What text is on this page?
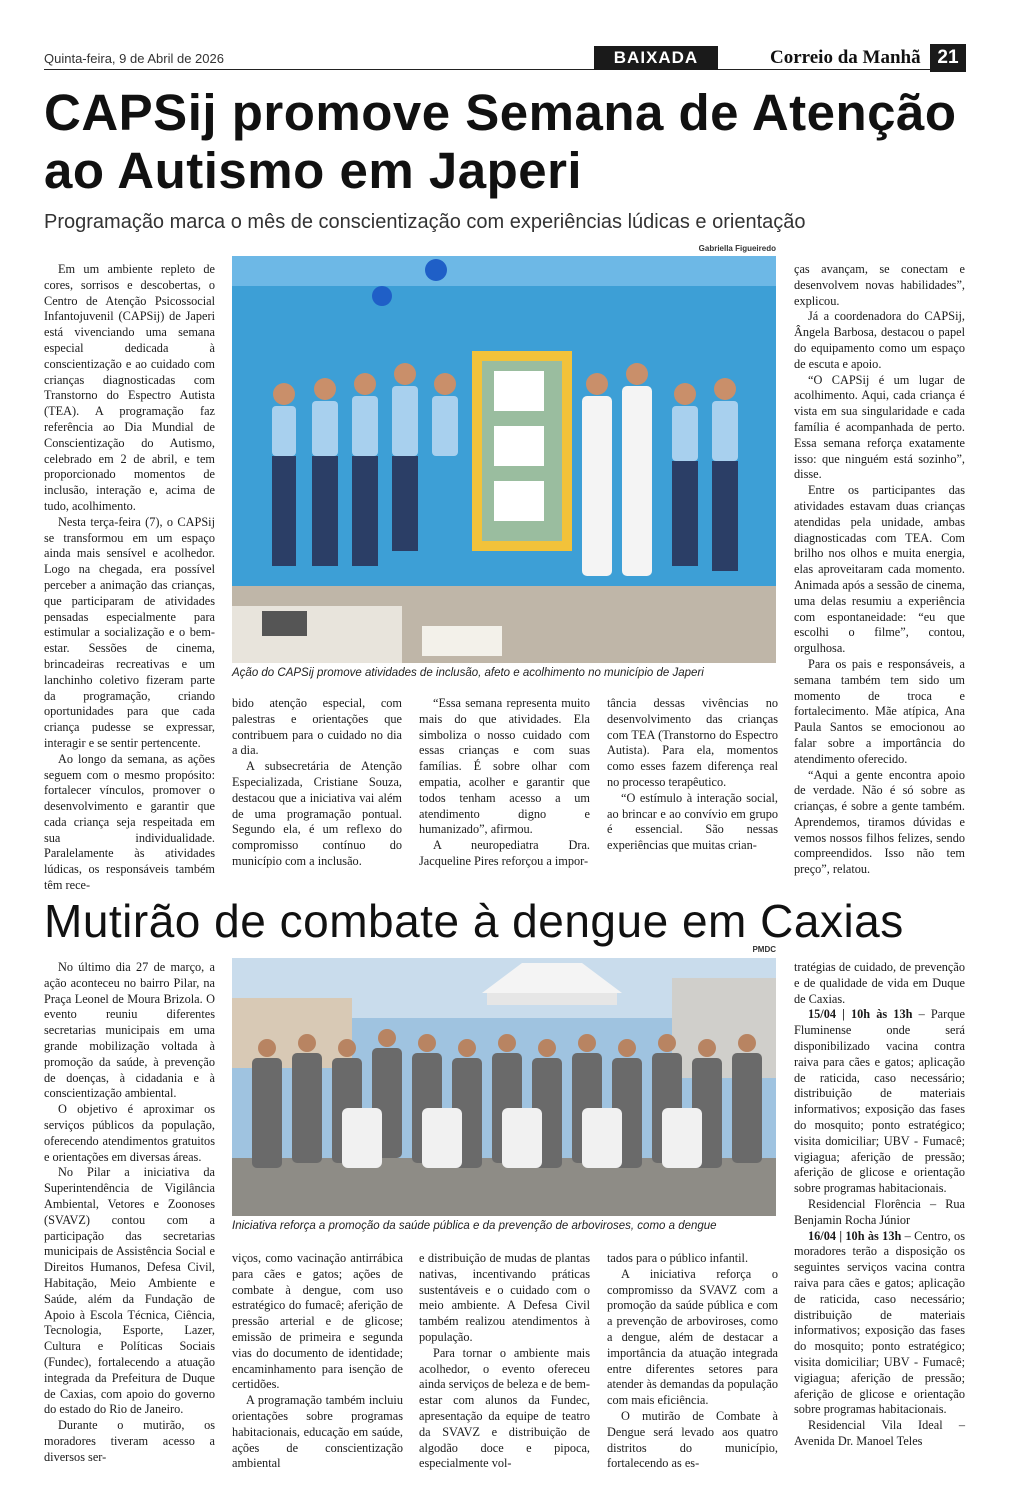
Quinta-feira, 9 de Abril de 2026	BAIXADA	Correio da Manhã 21
CAPSij promove Semana de Atenção ao Autismo em Japeri
Programação marca o mês de conscientização com experiências lúdicas e orientação

Em um ambiente repleto de cores, sorrisos e descobertas, o Centro de Atenção Psicossocial Infantojuvenil (CAPSij) de Japeri está vivenciando uma semana especial dedicada à conscientização e ao cuidado com crianças diagnosticadas com Transtorno do Espectro Autista (TEA). A programação faz referência ao Dia Mundial de Conscientização do Autismo, celebrado em 2 de abril, e tem proporcionado momentos de inclusão, interação e, acima de tudo, acolhimento.

Nesta terça-feira (7), o CAPSij se transformou em um espaço ainda mais sensível e acolhedor. Logo na chegada, era possível perceber a animação das crianças, que participaram de atividades pensadas especialmente para estimular a socialização e o bem-estar. Sessões de cinema, brincadeiras recreativas e um lanchinho coletivo fizeram parte da programação, criando oportunidades para que cada criança pudesse se expressar, interagir e se sentir pertencente.

Ao longo da semana, as ações seguem com o mesmo propósito: fortalecer vínculos, promover o desenvolvimento e garantir que cada criança seja respeitada em sua individualidade. Paralelamente às atividades lúdicas, os responsáveis também têm rece-

Gabriella Figueiredo
Ação do CAPSij promove atividades de inclusão, afeto e acolhimento no município de Japeri

bido atenção especial, com palestras e orientações que contribuem para o cuidado no dia a dia.

A subsecretária de Atenção Especializada, Cristiane Souza, destacou que a iniciativa vai além de uma programação pontual. Segundo ela, é um reflexo do compromisso contínuo do município com a inclusão.

“Essa semana representa muito mais do que atividades. Ela simboliza o nosso cuidado com essas crianças e com suas famílias. É sobre olhar com empatia, acolher e garantir que todos tenham acesso a um atendimento digno e humanizado”, afirmou.

A neuropediatra Dra. Jacqueline Pires reforçou a impor-

tância dessas vivências no desenvolvimento das crianças com TEA (Transtorno do Espectro Autista). Para ela, momentos como esses fazem diferença real no processo terapêutico.

“O estímulo à interação social, ao brincar e ao convívio em grupo é essencial. São nessas experiências que muitas crian-

ças avançam, se conectam e desenvolvem novas habilidades”, explicou.

Já a coordenadora do CAPSij, Ângela Barbosa, destacou o papel do equipamento como um espaço de escuta e apoio.

“O CAPSij é um lugar de acolhimento. Aqui, cada criança é vista em sua singularidade e cada família é acompanhada de perto. Essa semana reforça exatamente isso: que ninguém está sozinho”, disse.

Entre os participantes das atividades estavam duas crianças atendidas pela unidade, ambas diagnosticadas com TEA. Com brilho nos olhos e muita energia, elas aproveitaram cada momento. Animada após a sessão de cinema, uma delas resumiu a experiência com espontaneidade: “eu que escolhi o filme”, contou, orgulhosa.

Para os pais e responsáveis, a semana também tem sido um momento de troca e fortalecimento. Mãe atípica, Ana Paula Santos se emocionou ao falar sobre a importância do atendimento oferecido.

“Aqui a gente encontra apoio de verdade. Não é só sobre as crianças, é sobre a gente também. Aprendemos, tiramos dúvidas e vemos nossos filhos felizes, sendo compreendidos. Isso não tem preço”, relatou.

Mutirão de combate à dengue em Caxias

No último dia 27 de março, a ação aconteceu no bairro Pilar, na Praça Leonel de Moura Brizola. O evento reuniu diferentes secretarias municipais em uma grande mobilização voltada à promoção da saúde, à prevenção de doenças, à cidadania e à conscientização ambiental.

O objetivo é aproximar os serviços públicos da população, oferecendo atendimentos gratuitos e orientações em diversas áreas.

No Pilar a iniciativa da Superintendência de Vigilância Ambiental, Vetores e Zoonoses (SVAVZ) contou com a participação das secretarias municipais de Assistência Social e Direitos Humanos, Defesa Civil, Habitação, Meio Ambiente e Saúde, além da Fundação de Apoio à Escola Técnica, Ciência, Tecnologia, Esporte, Lazer, Cultura e Políticas Sociais (Fundec), fortalecendo a atuação integrada da Prefeitura de Duque de Caxias, com apoio do governo do estado do Rio de Janeiro.

Durante o mutirão, os moradores tiveram acesso a diversos ser-

PMDC
Iniciativa reforça a promoção da saúde pública e da prevenção de arboviroses, como a dengue

viços, como vacinação antirrábica para cães e gatos; ações de combate à dengue, com uso estratégico do fumacê; aferição de pressão arterial e de glicose; emissão de primeira e segunda vias do documento de identidade; encaminhamento para isenção de certidões.

A programação também incluiu orientações sobre programas habitacionais, educação em saúde, ações de conscientização ambiental

e distribuição de mudas de plantas nativas, incentivando práticas sustentáveis e o cuidado com o meio ambiente. A Defesa Civil também realizou atendimentos à população.

Para tornar o ambiente mais acolhedor, o evento ofereceu ainda serviços de beleza e de bem-estar com alunos da Fundec, apresentação da equipe de teatro da SVAVZ e distribuição de algodão doce e pipoca, especialmente vol-

tados para o público infantil.

A iniciativa reforça o compromisso da SVAVZ com a promoção da saúde pública e com a prevenção de arboviroses, como a dengue, além de destacar a importância da atuação integrada entre diferentes setores para atender às demandas da população com mais eficiência.

O mutirão de Combate à Dengue será levado aos quatro distritos do município, fortalecendo as es-

tratégias de cuidado, de prevenção e de qualidade de vida em Duque de Caxias.

15/04 | 10h às 13h – Parque Fluminense onde será disponibilizado vacina contra raiva para cães e gatos; aplicação de raticida, caso necessário; distribuição de materiais informativos; exposição das fases do mosquito; ponto estratégico; visita domiciliar; UBV - Fumacê; vigiagua; aferição de pressão; aferição de glicose e orientação sobre programas habitacionais.

Residencial Florência – Rua Benjamin Rocha Júnior

16/04 | 10h às 13h – Centro, os moradores terão a disposição os seguintes serviços vacina contra raiva para cães e gatos; aplicação de raticida, caso necessário; distribuição de materiais informativos; exposição das fases do mosquito; ponto estratégico; visita domiciliar; UBV - Fumacê; vigiagua; aferição de pressão; aferição de glicose e orientação sobre programas habitacionais.

Residencial Vila Ideal – Avenida Dr. Manoel Teles
